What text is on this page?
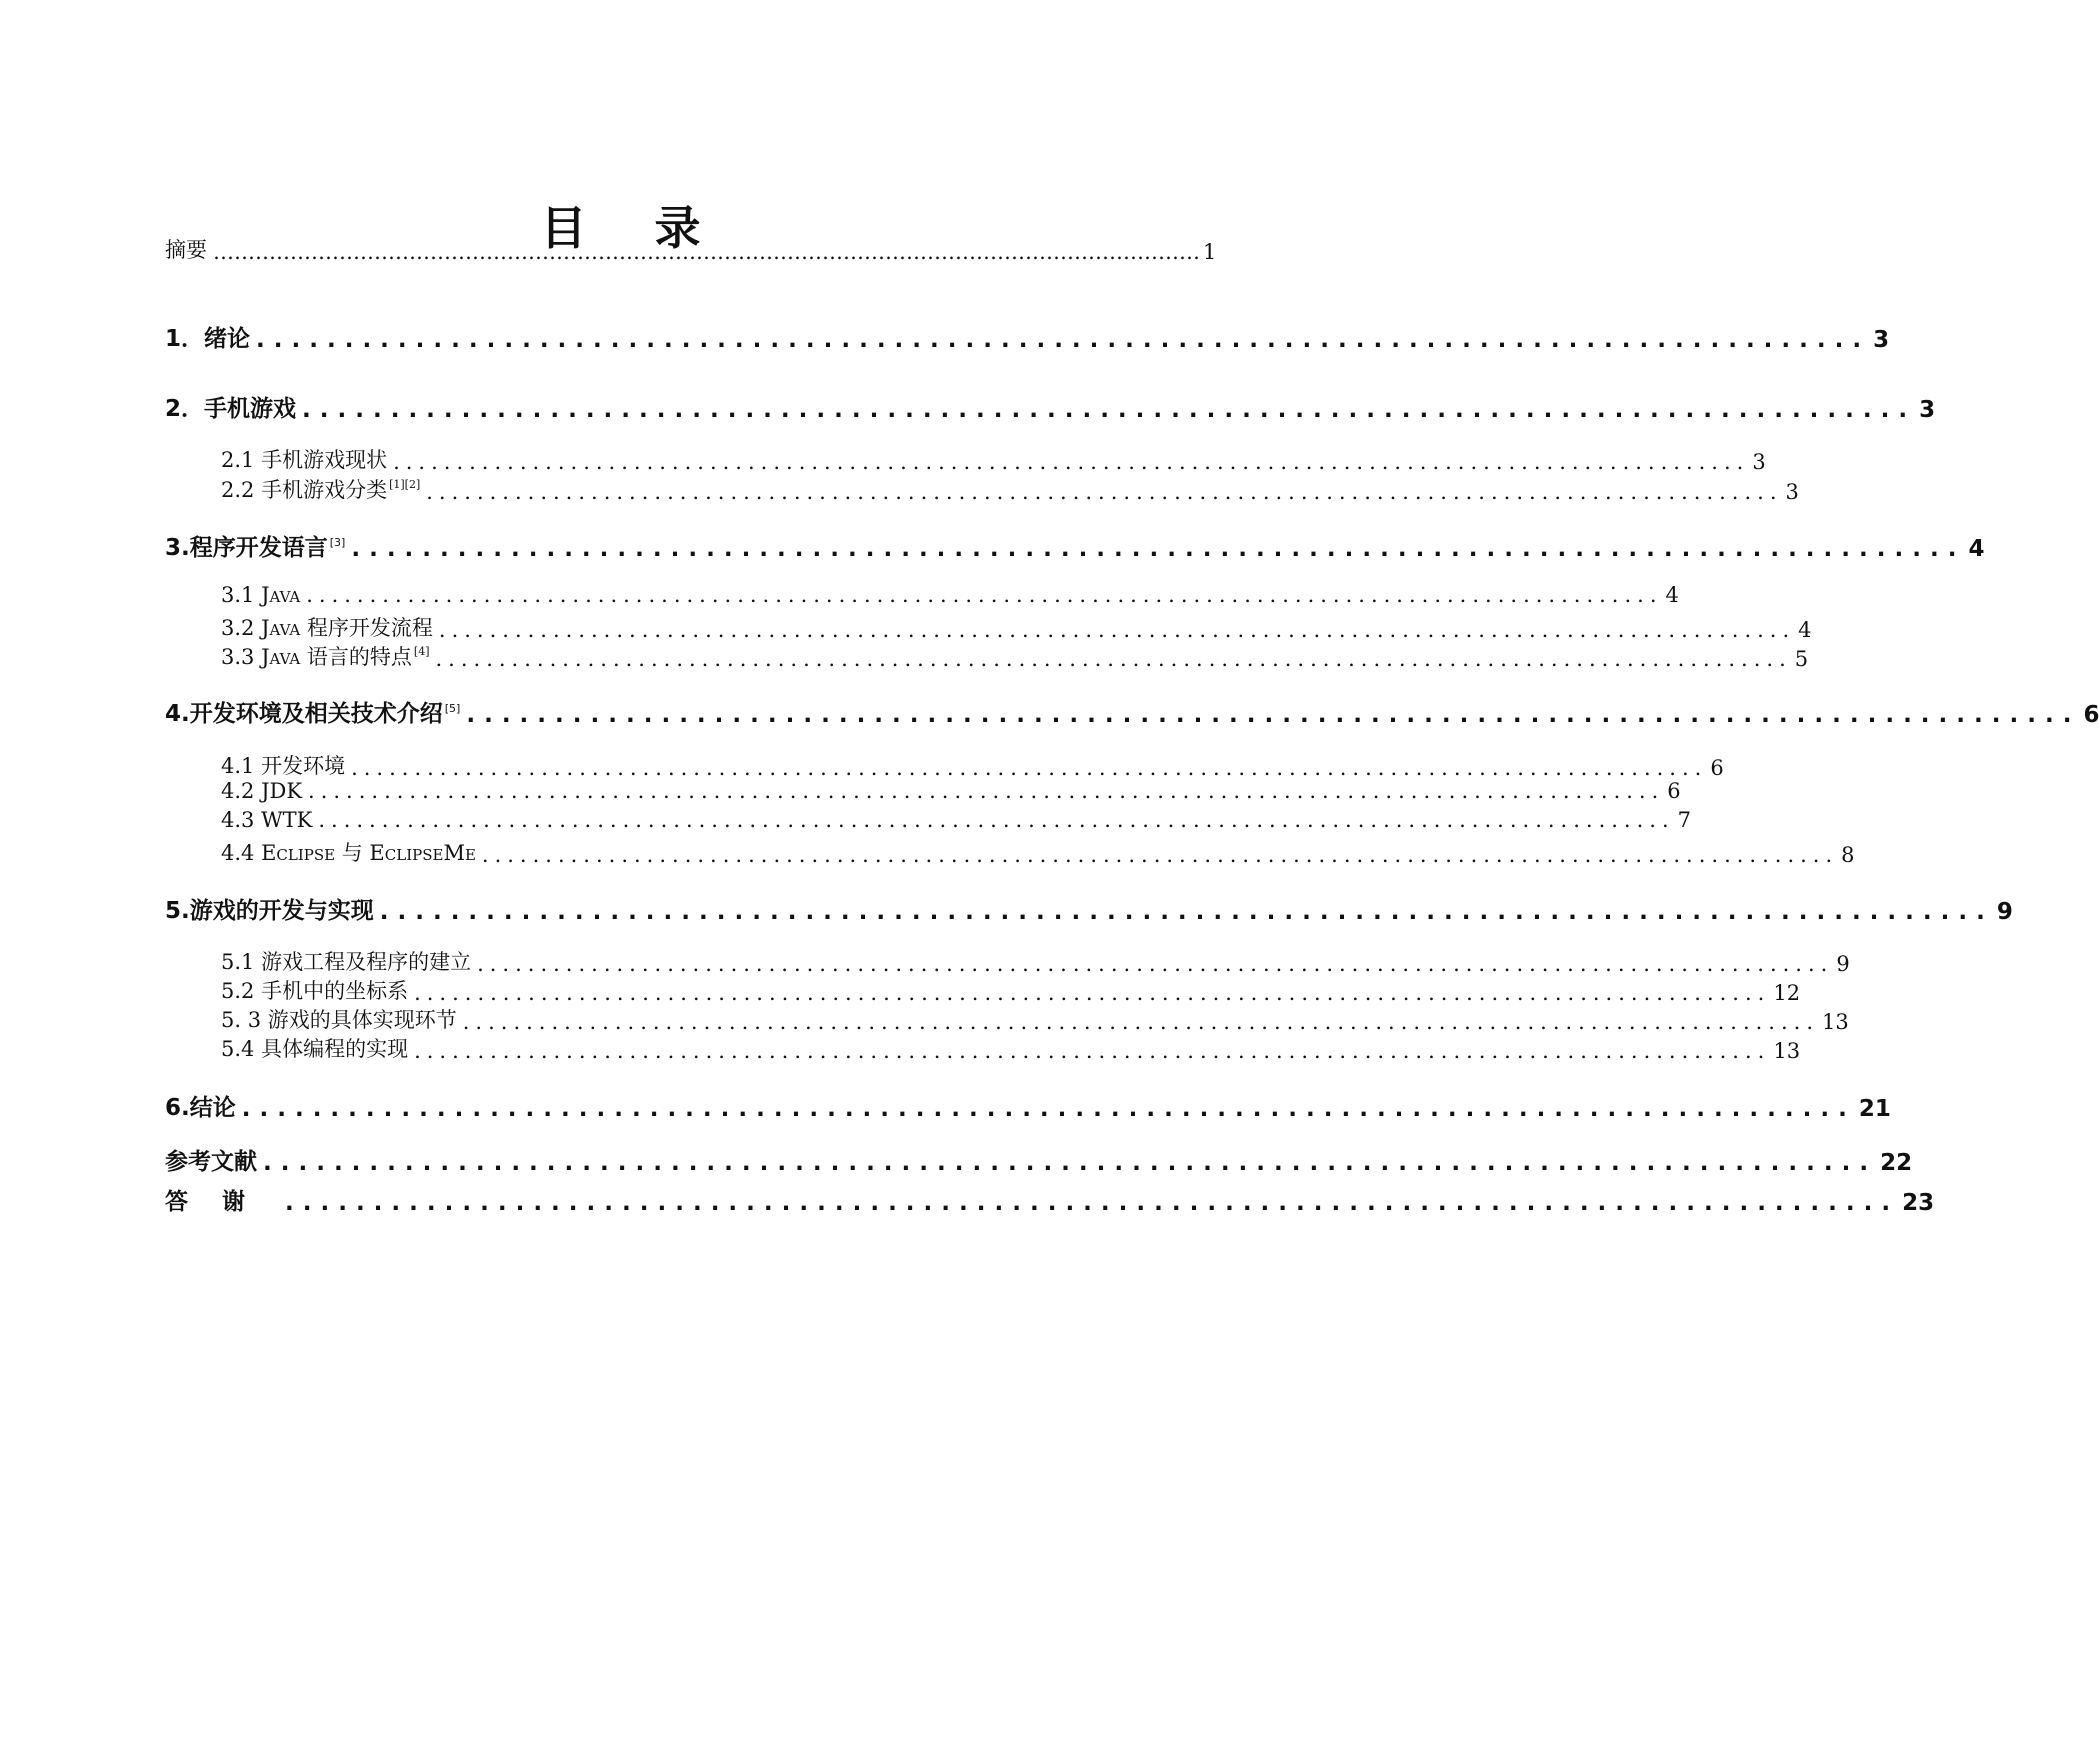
目 录
摘要 …………………………………………………………………………………………………………………………… 1
1．绪论 ........................................................................................... 3
2．手机游戏 ........................................................................................... 3
2.1 手机游戏现状 ........................................................................................................... 3
2.2 手机游戏分类 [1][2] ........................................................................................................... 3
3.程序开发语言 [3] ........................................................................................... 4
3.1 Java ........................................................................................................... 4
3.2 Java 程序开发流程 ........................................................................................................... 4
3.3 Java 语言的特点 [4] ........................................................................................................... 5
4.开发环境及相关技术介绍 [5] ........................................................................................... 6
4.1 开发环境 ........................................................................................................... 6
4.2 JDK ........................................................................................................... 6
4.3 WTK ........................................................................................................... 7
4.4 Eclipse 与 EclipseMe ........................................................................................................... 8
5.游戏的开发与实现 ........................................................................................... 9
5.1 游戏工程及程序的建立 ........................................................................................................... 9
5.2 手机中的坐标系 ........................................................................................................... 12
5. 3 游戏的具体实现环节 ........................................................................................................... 13
5.4 具体编程的实现 ........................................................................................................... 13
6.结论 ........................................................................................... 21
参考文献 ........................................................................................... 22
答谢 ........................................................................................... 23
